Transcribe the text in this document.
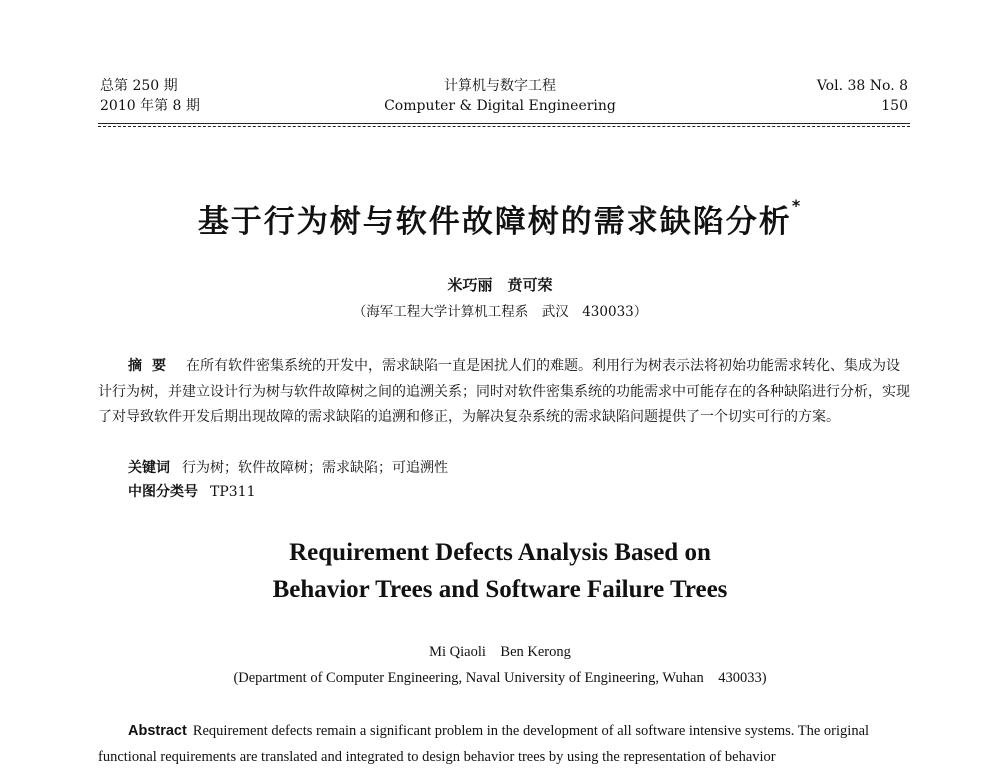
总第 250 期
2010 年第 8 期
计算机与数字工程
Computer & Digital Engineering
Vol. 38 No. 8
150
基于行为树与软件故障树的需求缺陷分析*
米巧丽　贲可荣
（海军工程大学计算机工程系　武汉　430033）
摘要 在所有软件密集系统的开发中，需求缺陷一直是困扰人们的难题。利用行为树表示法将初始功能需求转化、集成为设计行为树，并建立设计行为树与软件故障树之间的追溯关系；同时对软件密集系统的功能需求中可能存在的各种缺陷进行分析，实现了对导致软件开发后期出现故障的需求缺陷的追溯和修正，为解决复杂系统的需求缺陷问题提供了一个切实可行的方案。
关键词 行为树；软件故障树；需求缺陷；可追溯性
中图分类号 TP311
Requirement Defects Analysis Based on
Behavior Trees and Software Failure Trees
Mi Qiaoli　Ben Kerong
(Department of Computer Engineering, Naval University of Engineering, Wuhan　430033)
Abstract Requirement defects remain a significant problem in the development of all software intensive systems. The original functional requirements are translated and integrated to design behavior trees by using the representation of behavior
